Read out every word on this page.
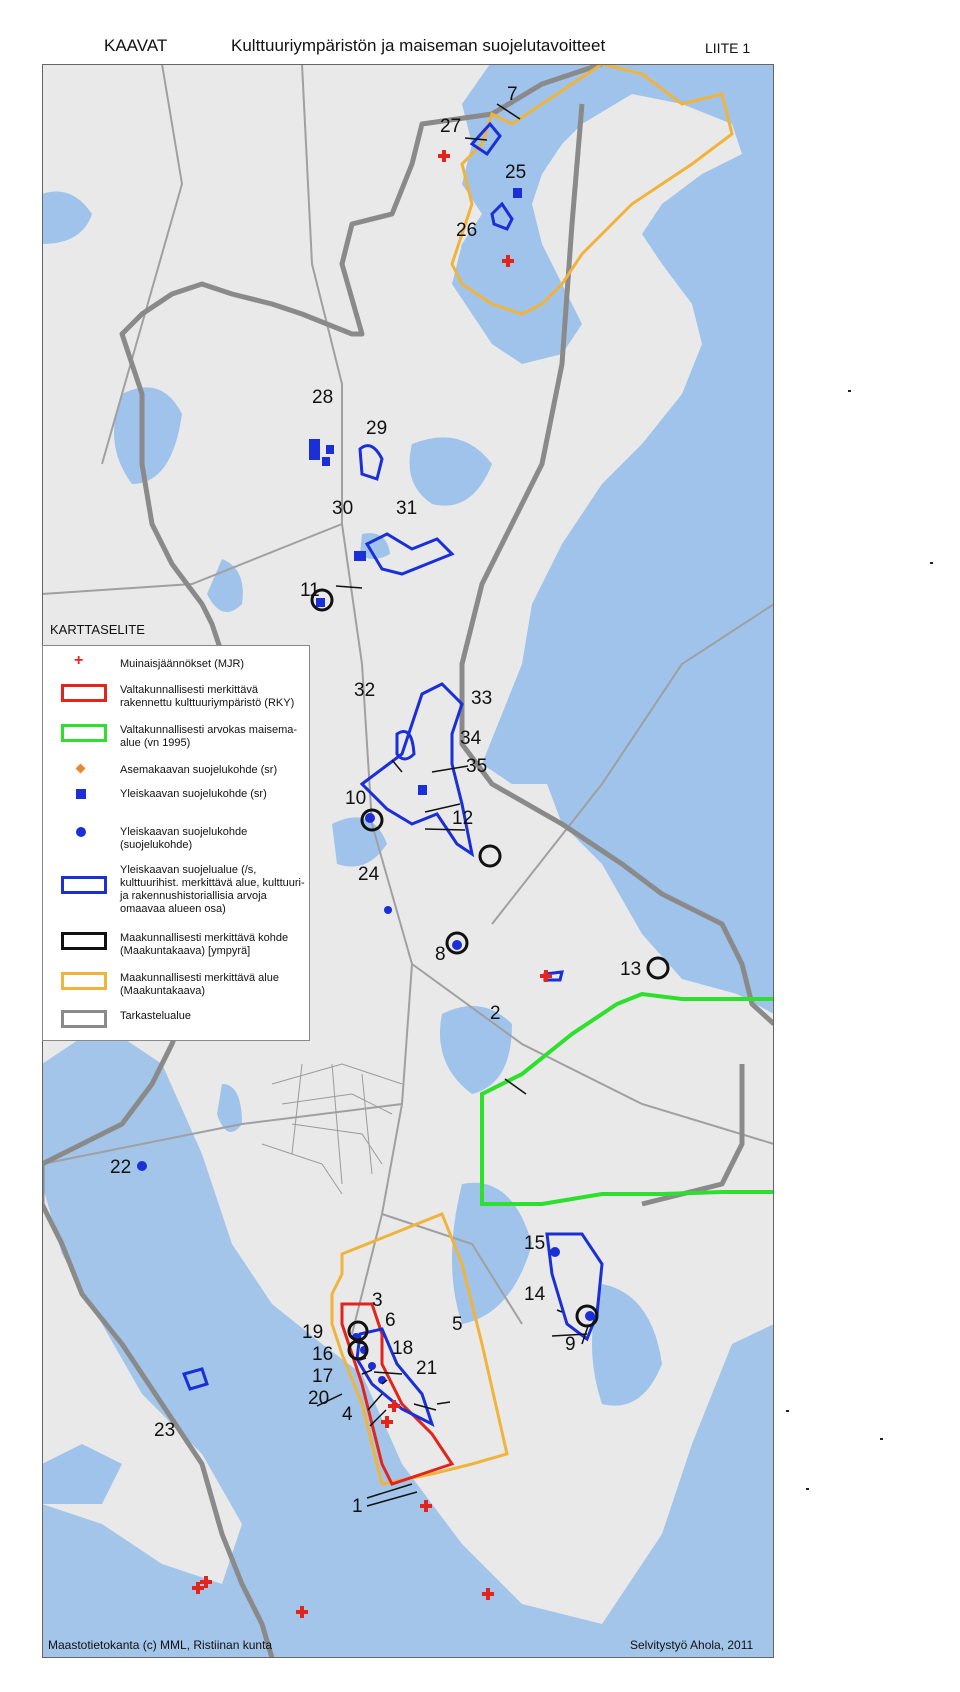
KAAVAT	Kulttuuriympäristön ja maiseman suojelutavoitteet	LIITE 1
7
27
25
26
28
29
30 31
11
32	33
34
35
10
12
24
8
13
2
22
15
14
9
3
6	5
19
18
16
21
17
20
4
23
1
Maastotietokanta (c) MML, Ristiinan kunta	Selvitystyö Ahola, 2011
KARTTASELITE
+	Muinaisjäännökset (MJR)
Valtakunnallisesti merkittävä rakennettu kulttuuriympäristö (RKY)
Valtakunnallisesti arvokas maisema-alue (vn 1995)
Asemakaavan suojelukohde (sr)
Yleiskaavan suojelukohde (sr)
Yleiskaavan suojelukohde (suojelukohde)
Yleiskaavan suojelualue (/s, kulttuurihist. merkittävä alue, kulttuuri- ja rakennushistoriallisia arvoja omaavaa alueen osa)
Maakunnallisesti merkittävä kohde (Maakuntakaava) [ympyrä]
Maakunnallisesti merkittävä alue (Maakuntakaava)
Tarkastelualue
